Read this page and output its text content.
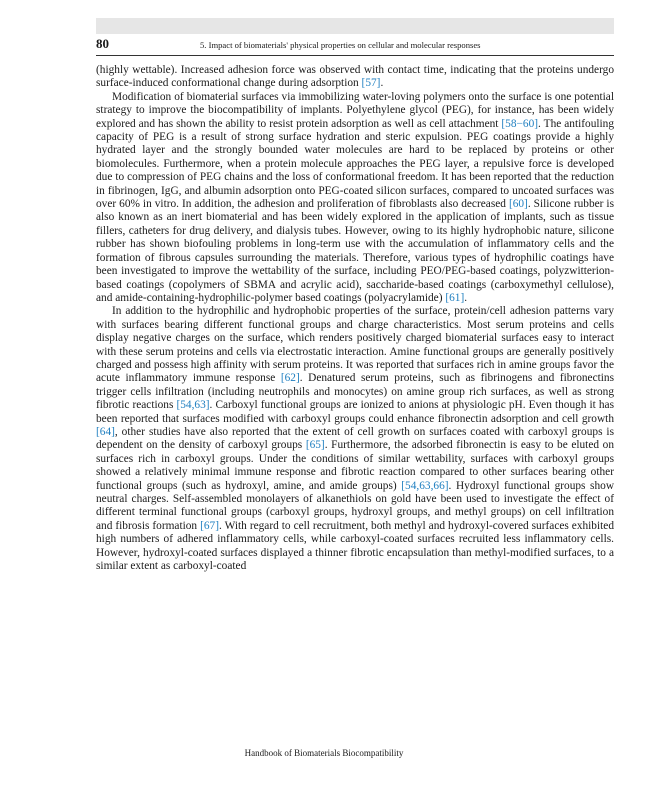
80	5. Impact of biomaterials' physical properties on cellular and molecular responses

(highly wettable). Increased adhesion force was observed with contact time, indicating that the proteins undergo surface-induced conformational change during adsorption [57].

Modification of biomaterial surfaces via immobilizing water-loving polymers onto the surface is one potential strategy to improve the biocompatibility of implants. Polyethylene glycol (PEG), for instance, has been widely explored and has shown the ability to resist protein adsorption as well as cell attachment [58−60]. The antifouling capacity of PEG is a result of strong surface hydration and steric expulsion. PEG coatings provide a highly hydrated layer and the strongly bounded water molecules are hard to be replaced by proteins or other biomolecules. Furthermore, when a protein molecule approaches the PEG layer, a repulsive force is developed due to compression of PEG chains and the loss of conformational freedom. It has been reported that the reduction in fibrinogen, IgG, and albumin adsorption onto PEG-coated silicon surfaces, compared to uncoated surfaces was over 60% in vitro. In addition, the adhesion and proliferation of fibroblasts also decreased [60]. Silicone rubber is also known as an inert biomaterial and has been widely explored in the application of implants, such as tissue fillers, catheters for drug delivery, and dialysis tubes. However, owing to its highly hydrophobic nature, silicone rubber has shown biofouling problems in long-term use with the accumulation of inflammatory cells and the formation of fibrous capsules surrounding the materials. Therefore, various types of hydrophilic coatings have been investigated to improve the wettability of the surface, including PEO/PEG-based coatings, polyzwitterion-based coatings (copolymers of SBMA and acrylic acid), saccharide-based coatings (carboxymethyl cellulose), and amide-containing-hydrophilic-polymer based coatings (polyacrylamide) [61].

In addition to the hydrophilic and hydrophobic properties of the surface, protein/cell adhesion patterns vary with surfaces bearing different functional groups and charge characteristics. Most serum proteins and cells display negative charges on the surface, which renders positively charged biomaterial surfaces easy to interact with these serum proteins and cells via electrostatic interaction. Amine functional groups are generally positively charged and possess high affinity with serum proteins. It was reported that surfaces rich in amine groups favor the acute inflammatory immune response [62]. Denatured serum proteins, such as fibrinogens and fibronectins trigger cells infiltration (including neutrophils and monocytes) on amine group rich surfaces, as well as strong fibrotic reactions [54,63]. Carboxyl functional groups are ionized to anions at physiologic pH. Even though it has been reported that surfaces modified with carboxyl groups could enhance fibronectin adsorption and cell growth [64], other studies have also reported that the extent of cell growth on surfaces coated with carboxyl groups is dependent on the density of carboxyl groups [65]. Furthermore, the adsorbed fibronectin is easy to be eluted on surfaces rich in carboxyl groups. Under the conditions of similar wettability, surfaces with carboxyl groups showed a relatively minimal immune response and fibrotic reaction compared to other surfaces bearing other functional groups (such as hydroxyl, amine, and amide groups) [54,63,66]. Hydroxyl functional groups show neutral charges. Self-assembled monolayers of alkanethiols on gold have been used to investigate the effect of different terminal functional groups (carboxyl groups, hydroxyl groups, and methyl groups) on cell infiltration and fibrosis formation [67]. With regard to cell recruitment, both methyl and hydroxyl-covered surfaces exhibited high numbers of adhered inflammatory cells, while carboxyl-coated surfaces recruited less inflammatory cells. However, hydroxyl-coated surfaces displayed a thinner fibrotic encapsulation than methyl-modified surfaces, to a similar extent as carboxyl-coated

Handbook of Biomaterials Biocompatibility
